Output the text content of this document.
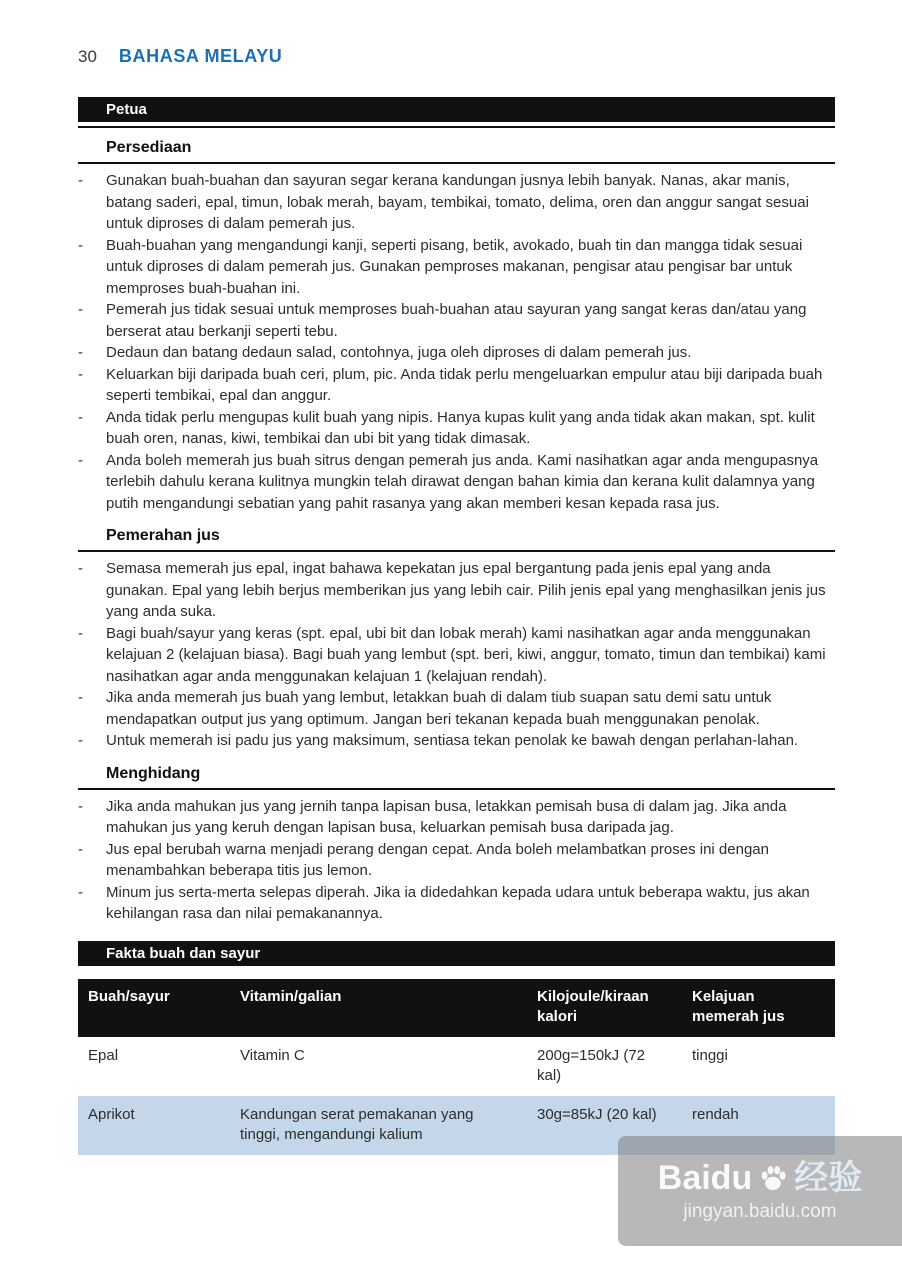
30 BAHASA MELAYU
Petua
Persediaan
-	Gunakan buah-buahan dan sayuran segar kerana kandungan jusnya lebih banyak. Nanas, akar manis, batang saderi, epal, timun, lobak merah, bayam, tembikai, tomato, delima, oren dan anggur sangat sesuai untuk diproses di dalam pemerah jus.
-	Buah-buahan yang mengandungi kanji, seperti pisang, betik, avokado, buah tin dan mangga tidak sesuai untuk diproses di dalam pemerah jus. Gunakan pemproses makanan, pengisar atau pengisar bar untuk memproses buah-buahan ini.
-	Pemerah jus tidak sesuai untuk memproses buah-buahan atau sayuran yang sangat keras dan/atau yang berserat atau berkanji seperti tebu.
-	Dedaun dan batang dedaun salad, contohnya, juga oleh diproses di dalam pemerah jus.
-	Keluarkan biji daripada buah ceri, plum, pic. Anda tidak perlu mengeluarkan empulur atau biji daripada buah seperti tembikai, epal dan anggur.
-	Anda tidak perlu mengupas kulit buah yang nipis. Hanya kupas kulit yang anda tidak akan makan, spt. kulit buah oren, nanas, kiwi, tembikai dan ubi bit yang tidak dimasak.
-	Anda boleh memerah jus buah sitrus dengan pemerah jus anda. Kami nasihatkan agar anda mengupasnya terlebih dahulu kerana kulitnya mungkin telah dirawat dengan bahan kimia dan kerana kulit dalamnya yang putih mengandungi sebatian yang pahit rasanya yang akan memberi kesan kepada rasa jus.
Pemerahan jus
-	Semasa memerah jus epal, ingat bahawa kepekatan jus epal bergantung pada jenis epal yang anda gunakan. Epal yang lebih berjus memberikan jus yang lebih cair. Pilih jenis epal yang menghasilkan jenis jus yang anda suka.
-	Bagi buah/sayur yang keras (spt. epal, ubi bit dan lobak merah) kami nasihatkan agar anda menggunakan kelajuan 2 (kelajuan biasa). Bagi buah yang lembut (spt. beri, kiwi, anggur, tomato, timun dan tembikai) kami nasihatkan agar anda menggunakan kelajuan 1 (kelajuan rendah).
-	Jika anda memerah jus buah yang lembut, letakkan buah di dalam tiub suapan satu demi satu untuk mendapatkan output jus yang optimum. Jangan beri tekanan kepada buah menggunakan penolak.
-	Untuk memerah isi padu jus yang maksimum, sentiasa tekan penolak ke bawah dengan perlahan-lahan.
Menghidang
-	Jika anda mahukan jus yang jernih tanpa lapisan busa, letakkan pemisah busa di dalam jag. Jika anda mahukan jus yang keruh dengan lapisan busa, keluarkan pemisah busa daripada jag.
-	Jus epal berubah warna menjadi perang dengan cepat. Anda boleh melambatkan proses ini dengan menambahkan beberapa titis jus lemon.
-	Minum jus serta-merta selepas diperah. Jika ia didedahkan kepada udara untuk beberapa waktu, jus akan kehilangan rasa dan nilai pemakanannya.
Fakta buah dan sayur
Buah/sayur	Vitamin/galian	Kilojoule/kiraan kalori	Kelajuan memerah jus
Epal	Vitamin C	200g=150kJ (72 kal)	tinggi
Aprikot	Kandungan serat pemakanan yang tinggi, mengandungi kalium	30g=85kJ (20 kal)	rendah
Baidu 经验
jingyan.baidu.com
